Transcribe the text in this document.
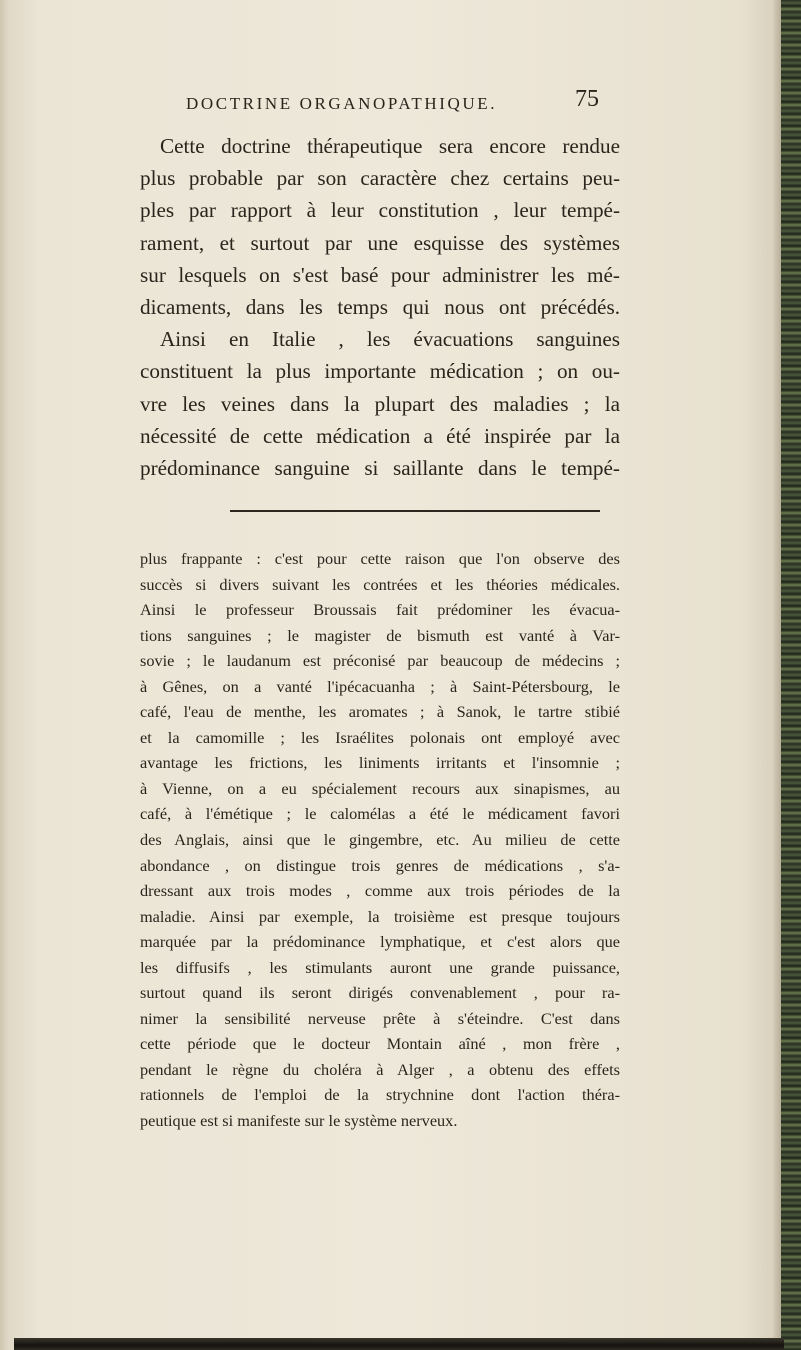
DOCTRINE ORGANOPATHIQUE.	75
Cette doctrine thérapeutique sera encore rendue
plus probable par son caractère chez certains peu-
ples par rapport à leur constitution , leur tempé-
rament, et surtout par une esquisse des systèmes
sur lesquels on s'est basé pour administrer les mé-
dicaments, dans les temps qui nous ont précédés.
Ainsi en Italie , les évacuations sanguines
constituent la plus importante médication ; on ou-
vre les veines dans la plupart des maladies ; la
nécessité de cette médication a été inspirée par la
prédominance sanguine si saillante dans le tempé-
plus frappante : c'est pour cette raison que l'on observe des
succès si divers suivant les contrées et les théories médicales.
Ainsi le professeur Broussais fait prédominer les évacua-
tions sanguines ; le magister de bismuth est vanté à Var-
sovie ; le laudanum est préconisé par beaucoup de médecins ;
à Gênes, on a vanté l'ipécacuanha ; à Saint-Pétersbourg, le
café, l'eau de menthe, les aromates ; à Sanok, le tartre stibié
et la camomille ; les Israélites polonais ont employé avec
avantage les frictions, les liniments irritants et l'insomnie ;
à Vienne, on a eu spécialement recours aux sinapismes, au
café, à l'émétique ; le calomélas a été le médicament favori
des Anglais, ainsi que le gingembre, etc. Au milieu de cette
abondance , on distingue trois genres de médications , s'a-
dressant aux trois modes , comme aux trois périodes de la
maladie. Ainsi par exemple, la troisième est presque toujours
marquée par la prédominance lymphatique, et c'est alors que
les diffusifs , les stimulants auront une grande puissance,
surtout quand ils seront dirigés convenablement , pour ra-
nimer la sensibilité nerveuse prête à s'éteindre. C'est dans
cette période que le docteur Montain aîné , mon frère ,
pendant le règne du choléra à Alger , a obtenu des effets
rationnels de l'emploi de la strychnine dont l'action théra-
peutique est si manifeste sur le système nerveux.
